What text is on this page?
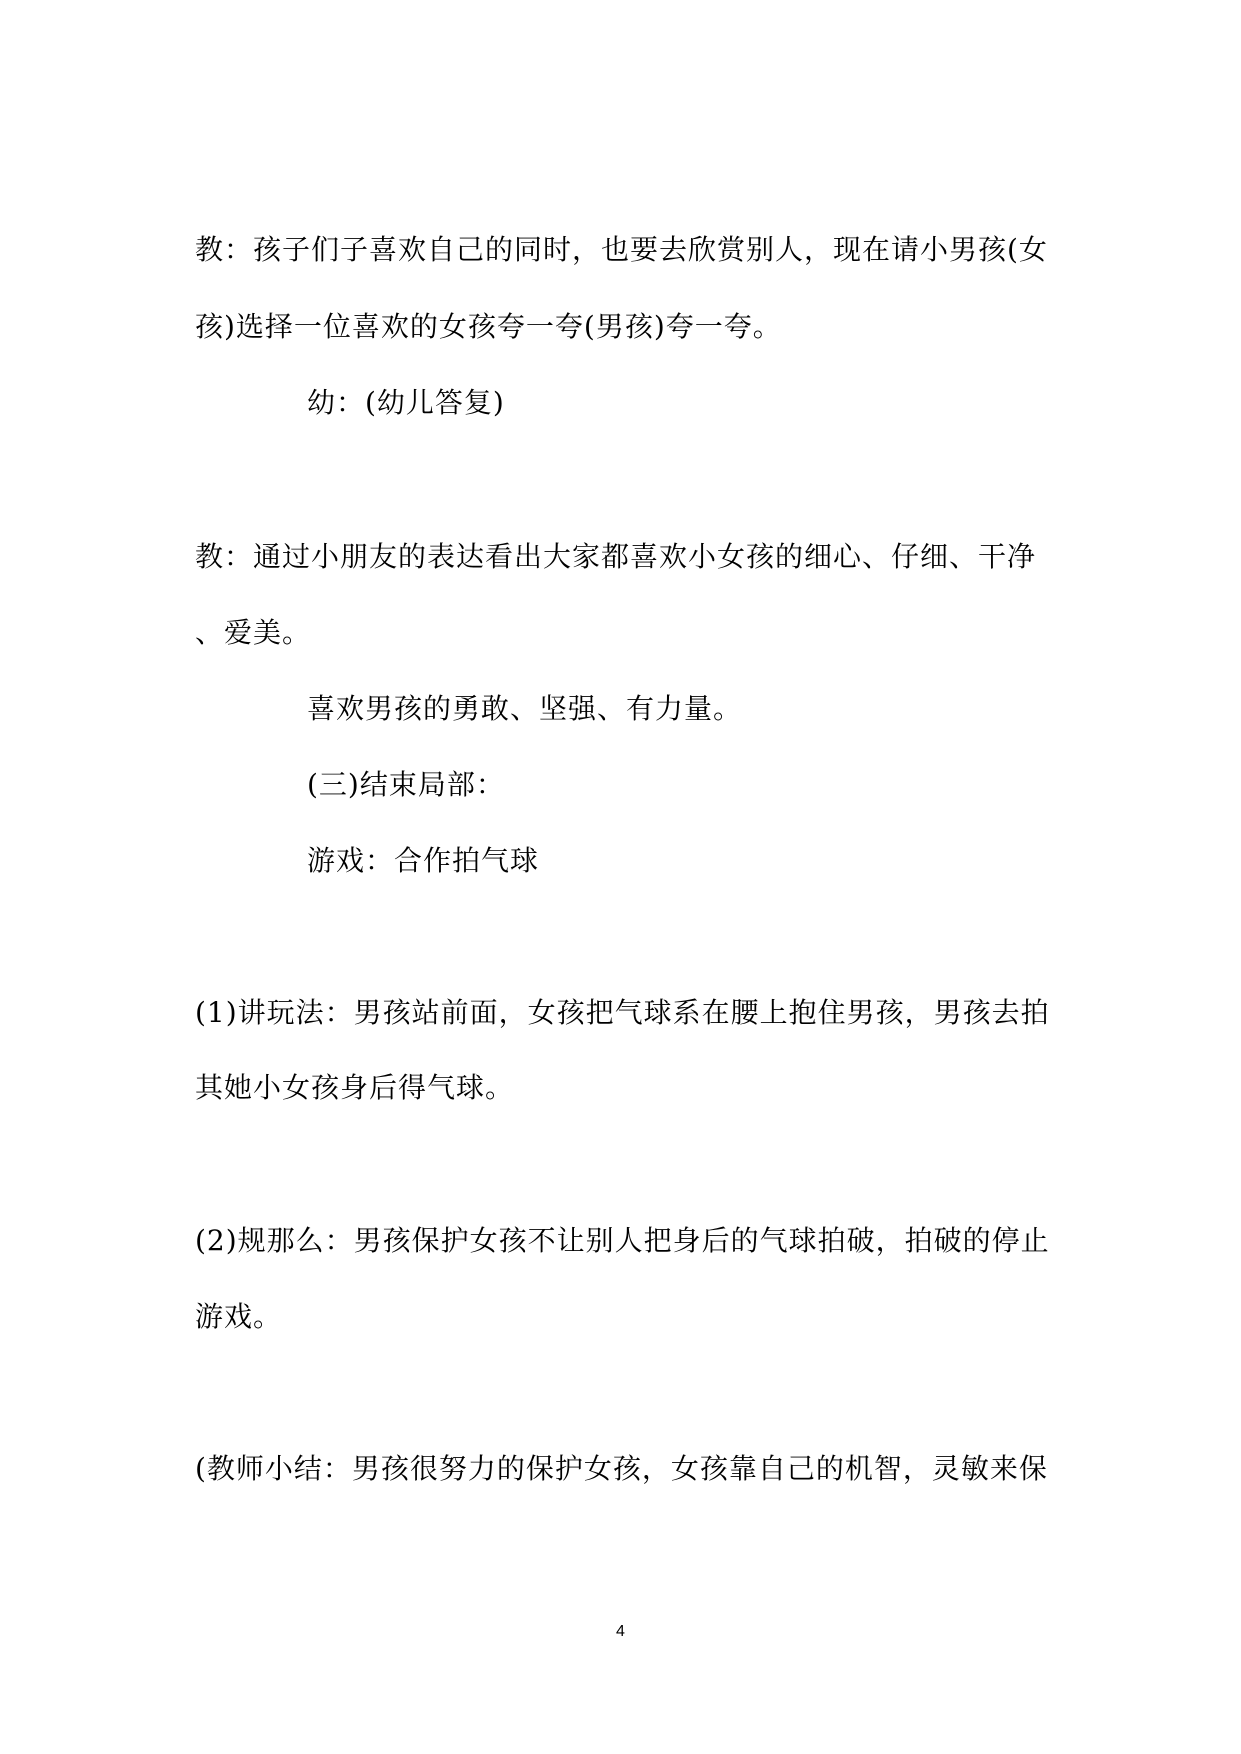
教：孩子们子喜欢自己的同时，也要去欣赏别人，现在请小男孩(女
孩)选择一位喜欢的女孩夸一夸(男孩)夸一夸。
幼：(幼儿答复)
教：通过小朋友的表达看出大家都喜欢小女孩的细心、仔细、干净
、爱美。
喜欢男孩的勇敢、坚强、有力量。
(三)结束局部：
游戏：合作拍气球
(1)讲玩法：男孩站前面，女孩把气球系在腰上抱住男孩，男孩去拍
其她小女孩身后得气球。
(2)规那么：男孩保护女孩不让别人把身后的气球拍破，拍破的停止
游戏。
(教师小结：男孩很努力的保护女孩，女孩靠自己的机智，灵敏来保
4
